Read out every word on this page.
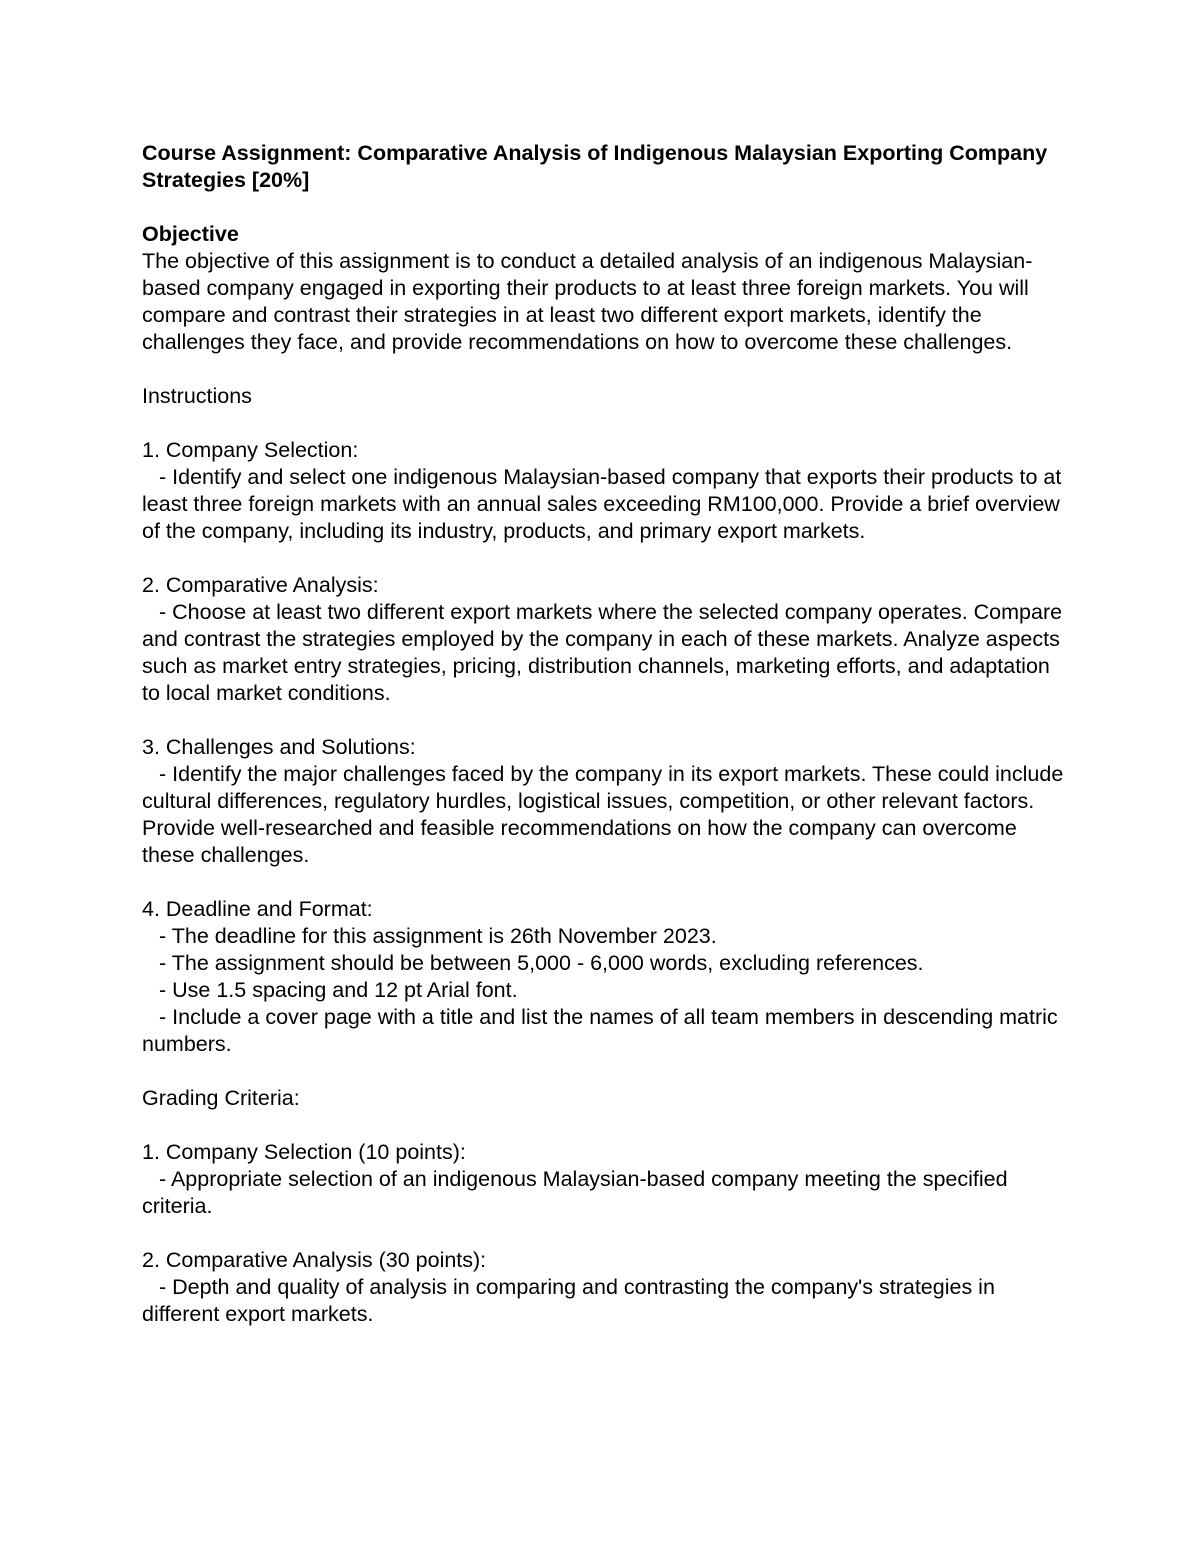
Course Assignment: Comparative Analysis of Indigenous Malaysian Exporting Company Strategies [20%]

Objective

The objective of this assignment is to conduct a detailed analysis of an indigenous Malaysian-based company engaged in exporting their products to at least three foreign markets. You will compare and contrast their strategies in at least two different export markets, identify the challenges they face, and provide recommendations on how to overcome these challenges.

Instructions

1. Company Selection:

- Identify and select one indigenous Malaysian-based company that exports their products to at least three foreign markets with an annual sales exceeding RM100,000. Provide a brief overview of the company, including its industry, products, and primary export markets.

2. Comparative Analysis:

- Choose at least two different export markets where the selected company operates. Compare and contrast the strategies employed by the company in each of these markets. Analyze aspects such as market entry strategies, pricing, distribution channels, marketing efforts, and adaptation to local market conditions.

3. Challenges and Solutions:

- Identify the major challenges faced by the company in its export markets. These could include cultural differences, regulatory hurdles, logistical issues, competition, or other relevant factors. Provide well-researched and feasible recommendations on how the company can overcome these challenges.

4. Deadline and Format:

- The deadline for this assignment is 26th November 2023.

- The assignment should be between 5,000 - 6,000 words, excluding references.

- Use 1.5 spacing and 12 pt Arial font.

- Include a cover page with a title and list the names of all team members in descending matric numbers.

Grading Criteria:

1. Company Selection (10 points):

- Appropriate selection of an indigenous Malaysian-based company meeting the specified criteria.

2. Comparative Analysis (30 points):

- Depth and quality of analysis in comparing and contrasting the company's strategies in different export markets.
